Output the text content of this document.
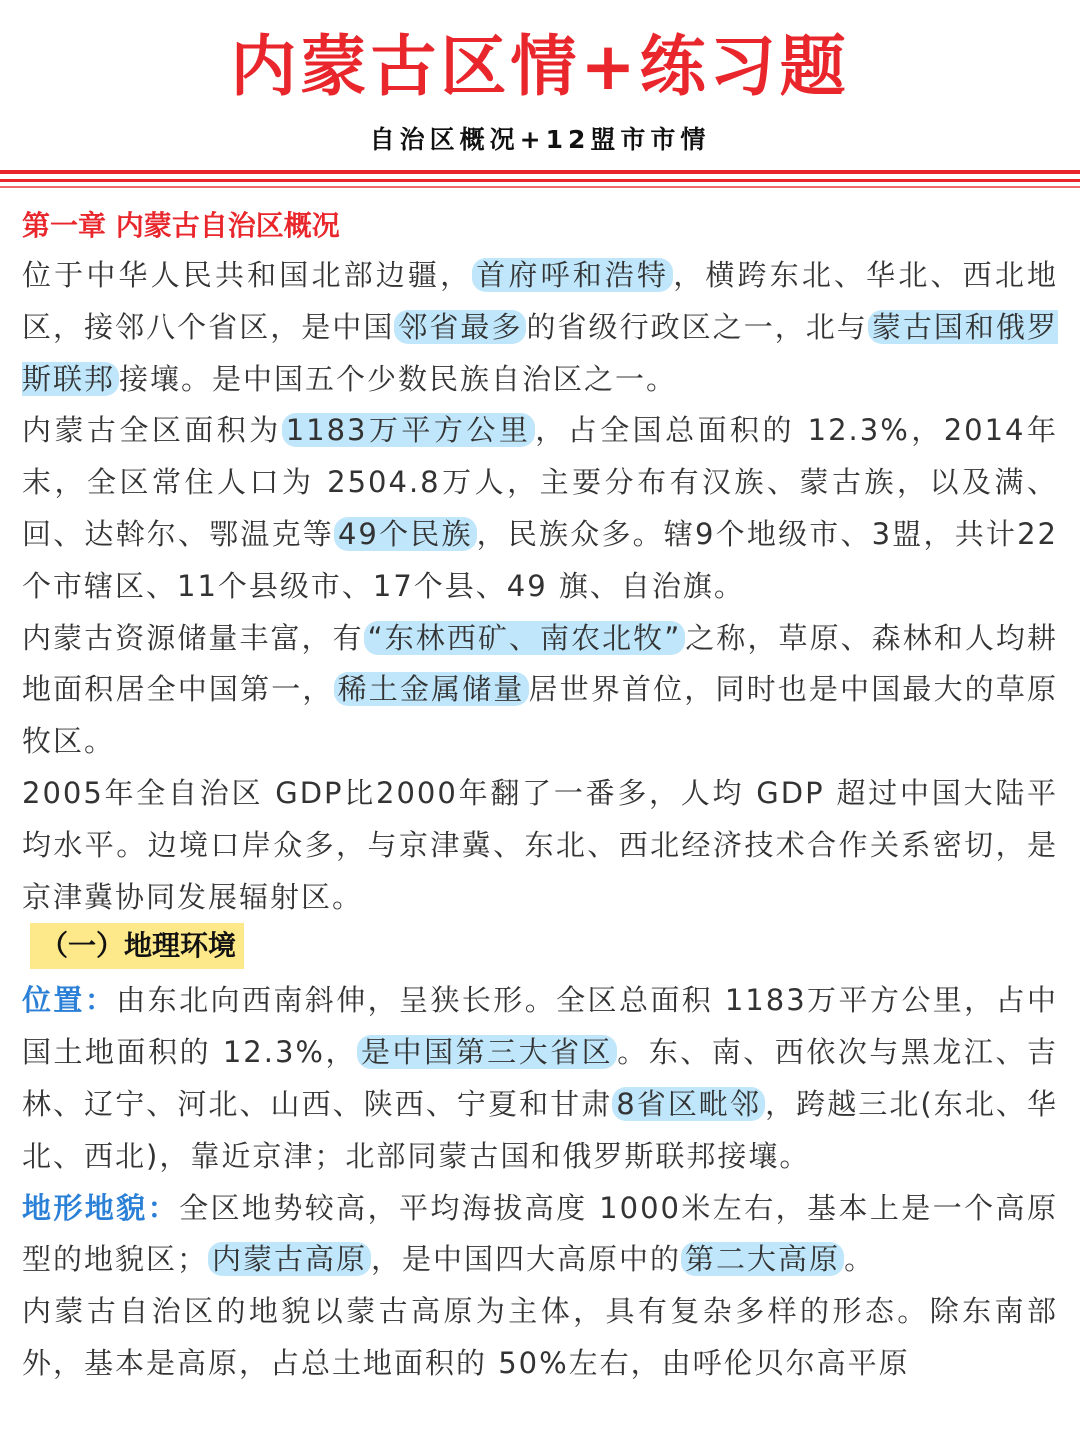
内蒙古区情+练习题
自治区概况+12盟市市情
第一章 内蒙古自治区概况

位于中华人民共和国北部边疆， 首府呼和浩特 ，横跨东北、华北、西北地区，接邻八个省区，是中国 邻省最多 的省级行政区之一，北与 蒙古国和俄罗斯联邦 接壤。是中国五个少数民族自治区之一。

内蒙古全区面积为 1183万平方公里 ，占全国总面积的 12.3%，2014年末，全区常住人口为 2504.8万人，主要分布有汉族、蒙古族，以及满、回、达斡尔、鄂温克等 49个民族 ，民族众多。辖9个地级市、3盟，共计22个市辖区、11个县级市、17个县、49 旗、自治旗。

内蒙古资源储量丰富，有 “东林西矿、南农北牧” 之称，草原、森林和人均耕地面积居全中国第一， 稀土金属储量 居世界首位，同时也是中国最大的草原牧区。

2005年全自治区 GDP比2000年翻了一番多，人均 GDP 超过中国大陆平均水平。边境口岸众多，与京津冀、东北、西北经济技术合作关系密切，是京津冀协同发展辐射区。

（一）地理环境

位置：由东北向西南斜伸，呈狭长形。全区总面积 1183万平方公里，占中国土地面积的 12.3%， 是中国第三大省区 。东、南、西依次与黑龙江、吉林、辽宁、河北、山西、陕西、宁夏和甘肃 8省区毗邻 ，跨越三北(东北、华北、西北)，靠近京津；北部同蒙古国和俄罗斯联邦接壤。

地形地貌：全区地势较高，平均海拔高度 1000米左右，基本上是一个高原型的地貌区； 内蒙古高原 ，是中国四大高原中的 第二大高原 。

内蒙古自治区的地貌以蒙古高原为主体，具有复杂多样的形态。除东南部外，基本是高原，占总土地面积的 50%左右，由呼伦贝尔高平原
